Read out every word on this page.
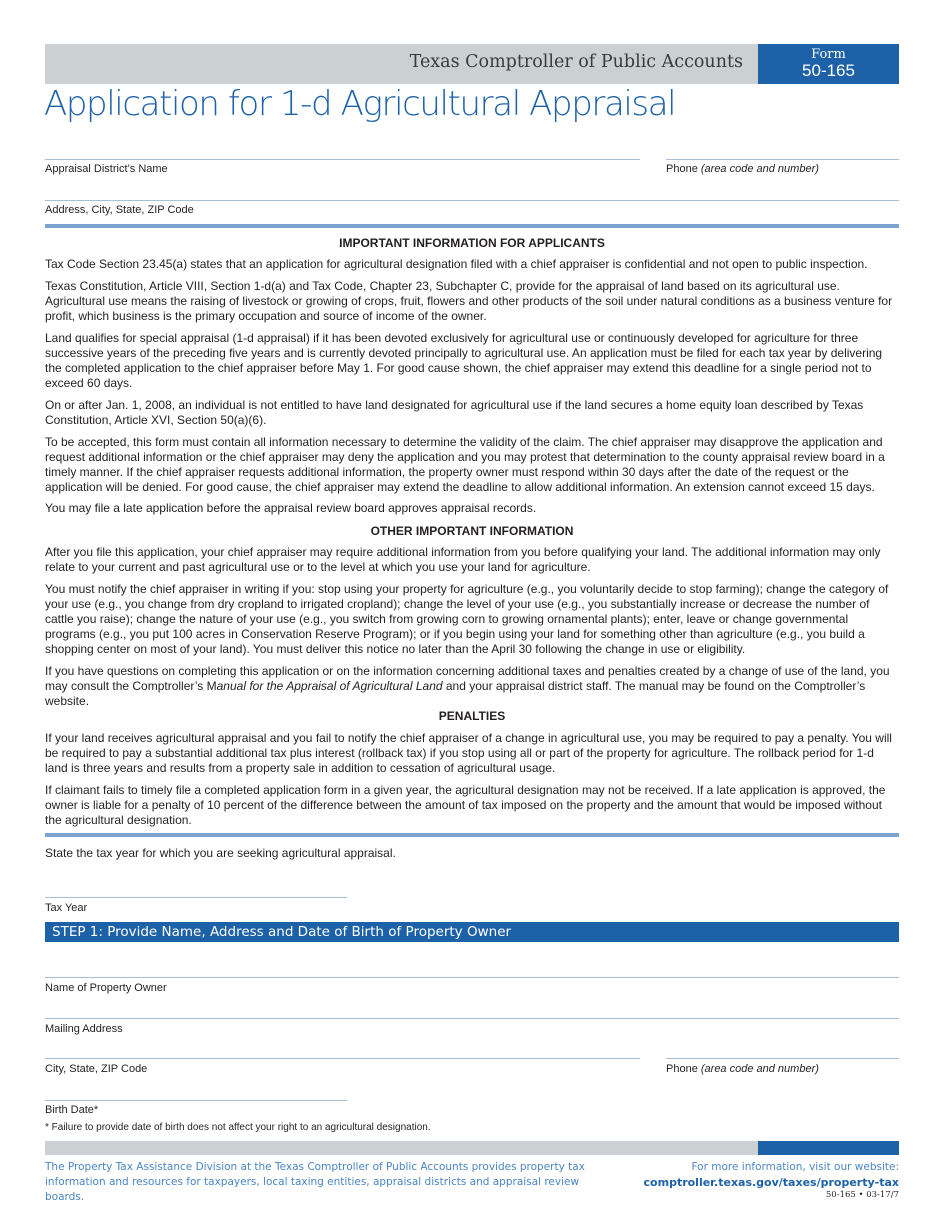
Texas Comptroller of Public Accounts	Form
50-165
Application for 1-d Agricultural Appraisal
Appraisal District’s Name	Phone (area code and number)
Address, City, State, ZIP Code
IMPORTANT INFORMATION FOR APPLICANTS

Tax Code Section 23.45(a) states that an application for agricultural designation filed with a chief appraiser is confidential and not open to public inspection.

Texas Constitution, Article VIII, Section 1-d(a) and Tax Code, Chapter 23, Subchapter C, provide for the appraisal of land based on its agricultural use. Agricultural use means the raising of livestock or growing of crops, fruit, flowers and other products of the soil under natural conditions as a business venture for profit, which business is the primary occupation and source of income of the owner.

Land qualifies for special appraisal (1-d appraisal) if it has been devoted exclusively for agricultural use or continuously developed for agriculture for three successive years of the preceding five years and is currently devoted principally to agricultural use. An application must be filed for each tax year by delivering the completed application to the chief appraiser before May 1. For good cause shown, the chief appraiser may extend this deadline for a single period not to exceed 60 days.

On or after Jan. 1, 2008, an individual is not entitled to have land designated for agricultural use if the land secures a home equity loan described by Texas Constitution, Article XVI, Section 50(a)(6).

To be accepted, this form must contain all information necessary to determine the validity of the claim. The chief appraiser may disapprove the application and request additional information or the chief appraiser may deny the application and you may protest that determination to the county appraisal review board in a timely manner. If the chief appraiser requests additional information, the property owner must respond within 30 days after the date of the request or the application will be denied. For good cause, the chief appraiser may extend the deadline to allow additional information. An extension cannot exceed 15 days.

You may file a late application before the appraisal review board approves appraisal records.

OTHER IMPORTANT INFORMATION

After you file this application, your chief appraiser may require additional information from you before qualifying your land. The additional information may only relate to your current and past agricultural use or to the level at which you use your land for agriculture.

You must notify the chief appraiser in writing if you: stop using your property for agriculture (e.g., you voluntarily decide to stop farming); change the category of your use (e.g., you change from dry cropland to irrigated cropland); change the level of your use (e.g., you substantially increase or decrease the number of cattle you raise); change the nature of your use (e.g., you switch from growing corn to growing ornamental plants); enter, leave or change governmental programs (e.g., you put 100 acres in Conservation Reserve Program); or if you begin using your land for something other than agriculture (e.g., you build a shopping center on most of your land). You must deliver this notice no later than the April 30 following the change in use or eligibility.

If you have questions on completing this application or on the information concerning additional taxes and penalties created by a change of use of the land, you may consult the Comptroller’s Manual for the Appraisal of Agricultural Land and your appraisal district staff. The manual may be found on the Comptroller’s website.

PENALTIES

If your land receives agricultural appraisal and you fail to notify the chief appraiser of a change in agricultural use, you may be required to pay a penalty. You will be required to pay a substantial additional tax plus interest (rollback tax) if you stop using all or part of the property for agriculture. The rollback period for 1-d land is three years and results from a property sale in addition to cessation of agricultural usage.

If claimant fails to timely file a completed application form in a given year, the agricultural designation may not be received. If a late application is approved, the owner is liable for a penalty of 10 percent of the difference between the amount of tax imposed on the property and the amount that would be imposed without the agricultural designation.

State the tax year for which you are seeking agricultural appraisal.

Tax Year
STEP 1: Provide Name, Address and Date of Birth of Property Owner
Name of Property Owner
Mailing Address
City, State, ZIP Code	Phone (area code and number)
Birth Date*
* Failure to provide date of birth does not affect your right to an agricultural designation.
The Property Tax Assistance Division at the Texas Comptroller of Public Accounts provides property tax information and resources for taxpayers, local taxing entities, appraisal districts and appraisal review boards.
For more information, visit our website:
comptroller.texas.gov/taxes/property-tax
50-165 • 03-17/7
